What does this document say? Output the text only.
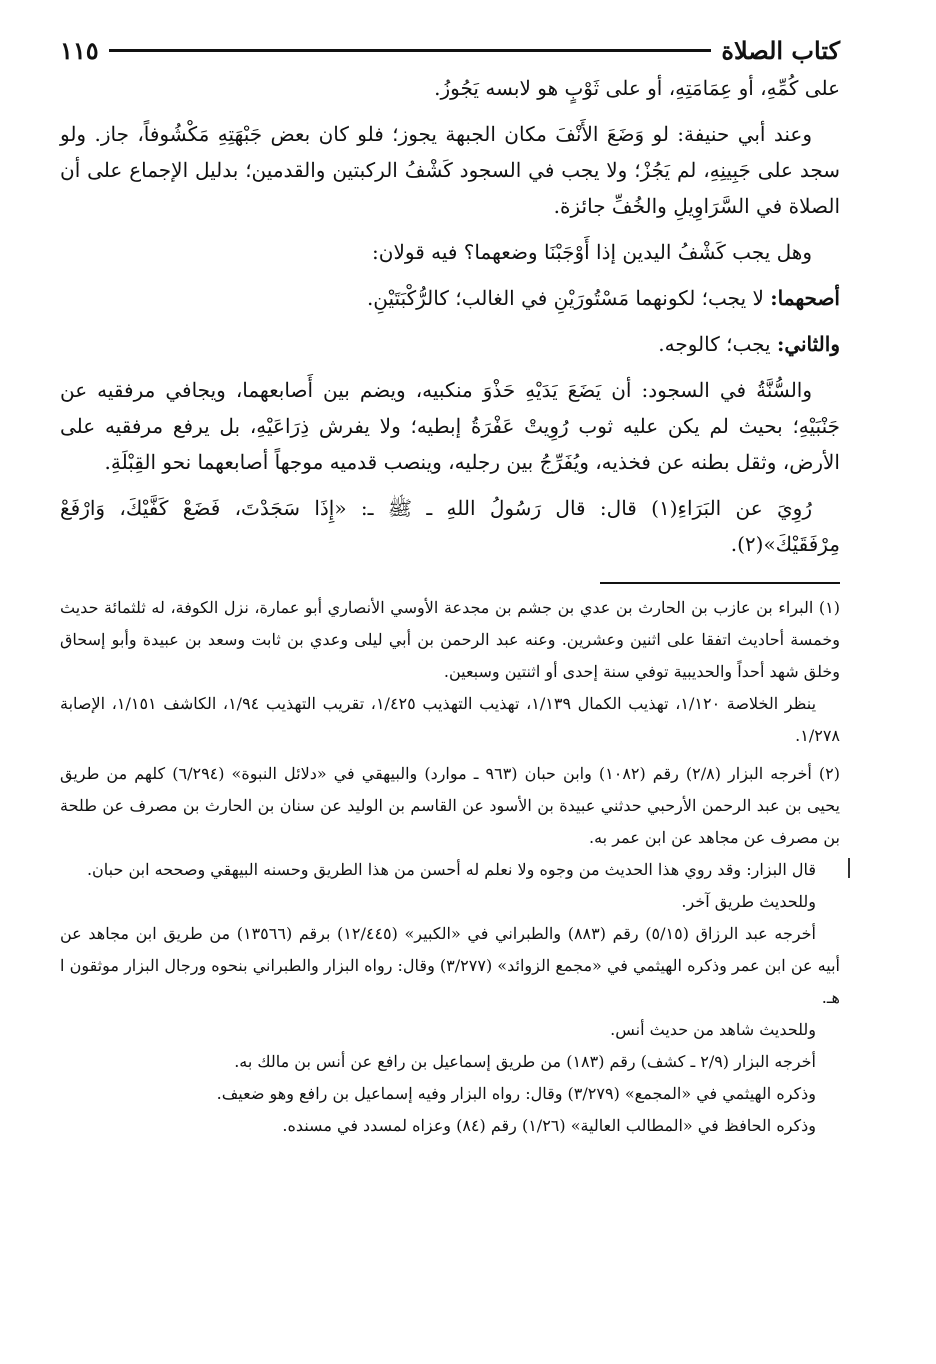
كتاب الصلاة
١١٥

على كُمِّهِ، أو عِمَامَتِهِ، أو على ثَوْبٍ هو لابسه يَجُوزُ.

وعند أبي حنيفة: لو وَضَعَ الأَنْفَ مكان الجبهة يجوز؛ فلو كان بعض جَبْهَتِهِ مَكْشُوفاً، جاز. ولو سجد على جَبِينِهِ، لم يَجُزْ؛ ولا يجب في السجود كَشْفُ الركبتين والقدمين؛ بدليل الإجماع على أن الصلاة في السَّرَاوِيلِ والخُفِّ جائزة.

وهل يجب كَشْفُ اليدين إذا أَوْجَبْنَا وضعهما؟ فيه قولان:

أصحهما: لا يجب؛ لكونهما مَسْتُورَيْنِ في الغالب؛ كالرُّكْبَتَيْنِ.

والثاني: يجب؛ كالوجه.

والسُّنَّةُ في السجود: أن يَضَعَ يَدَيْهِ حَذْوَ منكبيه، ويضم بين أَصابعهما، ويجافي مرفقيه عن جَنْبَيْهِ؛ بحيث لم يكن عليه ثوب رُوِيتْ عَفْرَةُ إبطيه؛ ولا يفرش ذِرَاعَيْهِ، بل يرفع مرفقيه على الأرض، وثقل بطنه عن فخذيه، ويُفَرِّجُ بين رجليه، وينصب قدميه موجهاً أصابعهما نحو القِبْلَةِ.

رُوِيَ عن البَرَاءِ(١) قال: قال رَسُولُ اللهِ ـ ﷺ ـ: «إِذَا سَجَدْتَ، فَضَعْ كَفَّيْكَ، وَارْفَعْ مِرْفَقَيْكَ»(٢).

(١) البراء بن عازب بن الحارث بن عدي بن جشم بن مجدعة الأوسي الأنصاري أبو عمارة، نزل الكوفة، له ثلثمائة حديث وخمسة أحاديث اتفقا على اثنين وعشرين. وعنه عبد الرحمن بن أبي ليلى وعدي بن ثابت وسعد بن عبيدة وأبو إسحاق وخلق شهد أحداً والحديبية توفي سنة إحدى أو اثنتين وسبعين.
ينظر الخلاصة ١/١٢٠، تهذيب الكمال ١/١٣٩، تهذيب التهذيب ١/٤٢٥، تقريب التهذيب ١/٩٤، الكاشف ١/١٥١، الإصابة ١/٢٧٨.
(٢) أخرجه البزار (٢/٨) رقم (١٠٨٢) وابن حبان (٩٦٣ ـ موارد) والبيهقي في «دلائل النبوة» (٦/٢٩٤) كلهم من طريق يحيى بن عبد الرحمن الأرحبي حدثني عبيدة بن الأسود عن القاسم بن الوليد عن سنان بن الحارث بن مصرف عن طلحة بن مصرف عن مجاهد عن ابن عمر به.
قال البزار: وقد روي هذا الحديث من وجوه ولا نعلم له أحسن من هذا الطريق وحسنه البيهقي وصححه ابن حبان.
وللحديث طريق آخر.
أخرجه عبد الرزاق (٥/١٥) رقم (٨٨٣) والطبراني في «الكبير» (١٢/٤٤٥) برقم (١٣٥٦٦) من طريق ابن مجاهد عن أبيه عن ابن عمر وذكره الهيثمي في «مجمع الزوائد» (٣/٢٧٧) وقال: رواه البزار والطبراني بنحوه ورجال البزار موثقون ا هـ.
وللحديث شاهد من حديث أنس.
أخرجه البزار (٢/٩ ـ كشف) رقم (١٨٣) من طريق إسماعيل بن رافع عن أنس بن مالك به.
وذكره الهيثمي في «المجمع» (٣/٢٧٩) وقال: رواه البزار وفيه إسماعيل بن رافع وهو ضعيف.
وذكره الحافظ في «المطالب العالية» (١/٢٦) رقم (٨٤) وعزاه لمسدد في مسنده.
